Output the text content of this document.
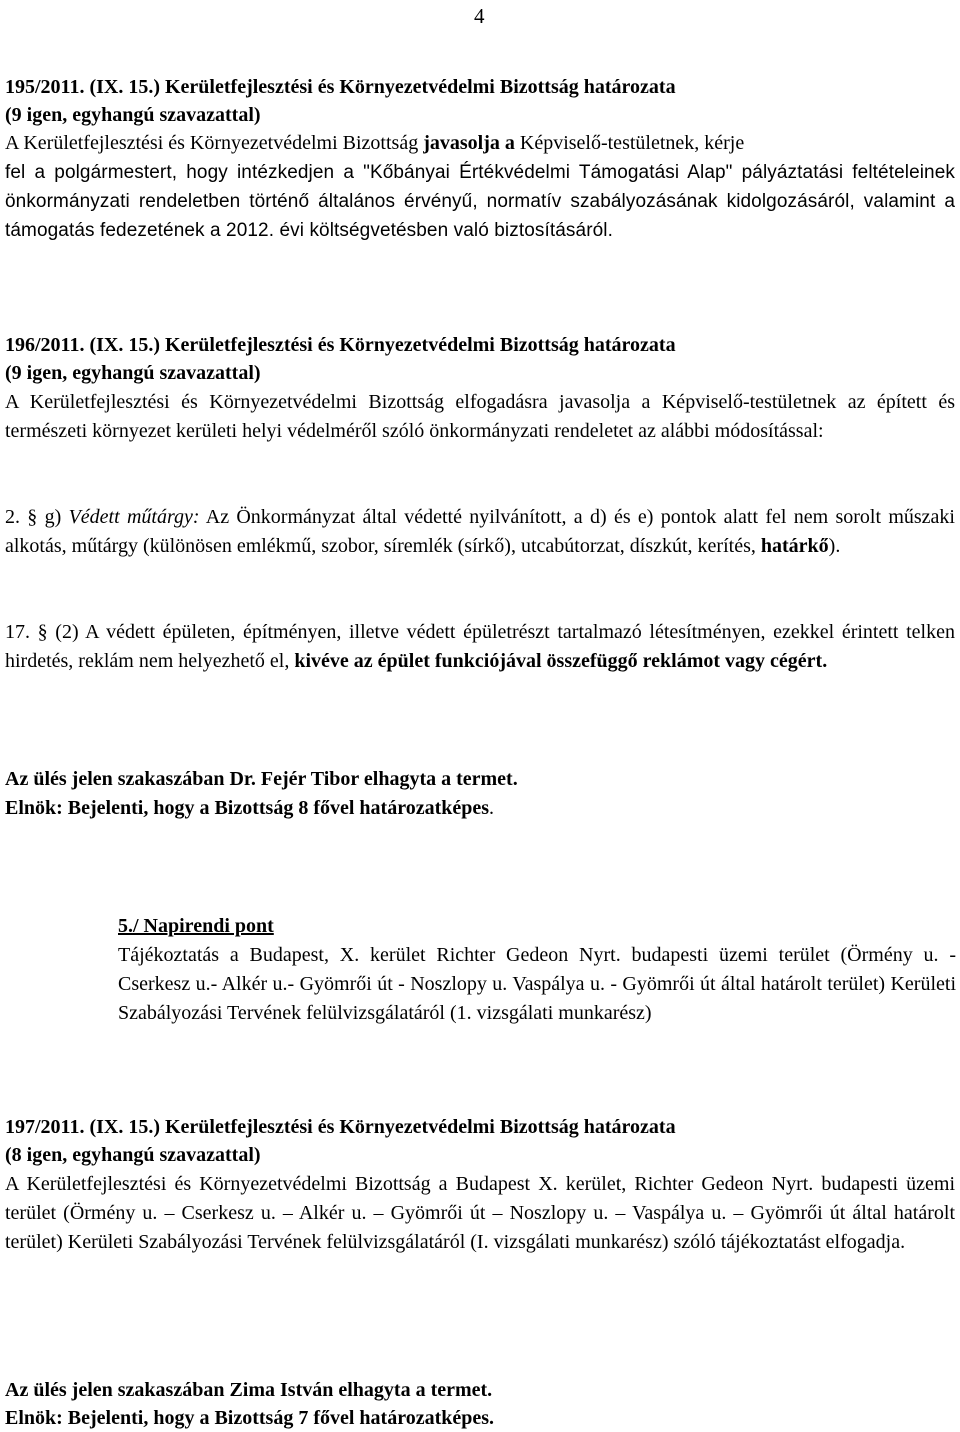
4
195/2011. (IX. 15.) Kerületfejlesztési és Környezetvédelmi Bizottság határozata
(9 igen, egyhangú szavazattal)
A Kerületfejlesztési és Környezetvédelmi Bizottság javasolja a Képviselő-testületnek, kérje
fel a polgármestert, hogy intézkedjen a "Kőbányai Értékvédelmi Támogatási Alap" pályáztatási feltételeinek önkormányzati rendeletben történő általános érvényű, normatív szabályozásának kidolgozásáról, valamint a támogatás fedezetének a 2012. évi költségvetésben való biztosításáról.
196/2011. (IX. 15.) Kerületfejlesztési és Környezetvédelmi Bizottság határozata
(9 igen, egyhangú szavazattal)
A Kerületfejlesztési és Környezetvédelmi Bizottság elfogadásra javasolja a Képviselő-testületnek az épített és természeti környezet kerületi helyi védelméről szóló önkormányzati rendeletet az alábbi módosítással:
2. § g) Védett műtárgy: Az Önkormányzat által védetté nyilvánított, a d) és e) pontok alatt fel nem sorolt műszaki alkotás, műtárgy (különösen emlékmű, szobor, síremlék (sírkő), utcabútorzat, díszkút, kerítés, határkő).
17. § (2) A védett épületen, építményen, illetve védett épületrészt tartalmazó létesítményen, ezekkel érintett telken hirdetés, reklám nem helyezhető el, kivéve az épület funkciójával összefüggő reklámot vagy cégért.
Az ülés jelen szakaszában Dr. Fejér Tibor elhagyta a termet.
Elnök: Bejelenti, hogy a Bizottság 8 fővel határozatképes.
5./ Napirendi pont
Tájékoztatás a Budapest, X. kerület Richter Gedeon Nyrt. budapesti üzemi terület (Örmény u. - Cserkesz u.- Alkér u.- Gyömrői út - Noszlopy u. Vaspálya u. - Gyömrői út által határolt terület) Kerületi Szabályozási Tervének felülvizsgálatáról (1. vizsgálati munkarész)
197/2011. (IX. 15.) Kerületfejlesztési és Környezetvédelmi Bizottság határozata
(8 igen, egyhangú szavazattal)
A Kerületfejlesztési és Környezetvédelmi Bizottság a Budapest X. kerület, Richter Gedeon Nyrt. budapesti üzemi terület (Örmény u. – Cserkesz u. – Alkér u. – Gyömrői út – Noszlopy u. – Vaspálya u. – Gyömrői út által határolt terület) Kerületi Szabályozási Tervének felülvizsgálatáról (I. vizsgálati munkarész) szóló tájékoztatást elfogadja.
Az ülés jelen szakaszában Zima István elhagyta a termet.
Elnök: Bejelenti, hogy a Bizottság 7 fővel határozatképes.
